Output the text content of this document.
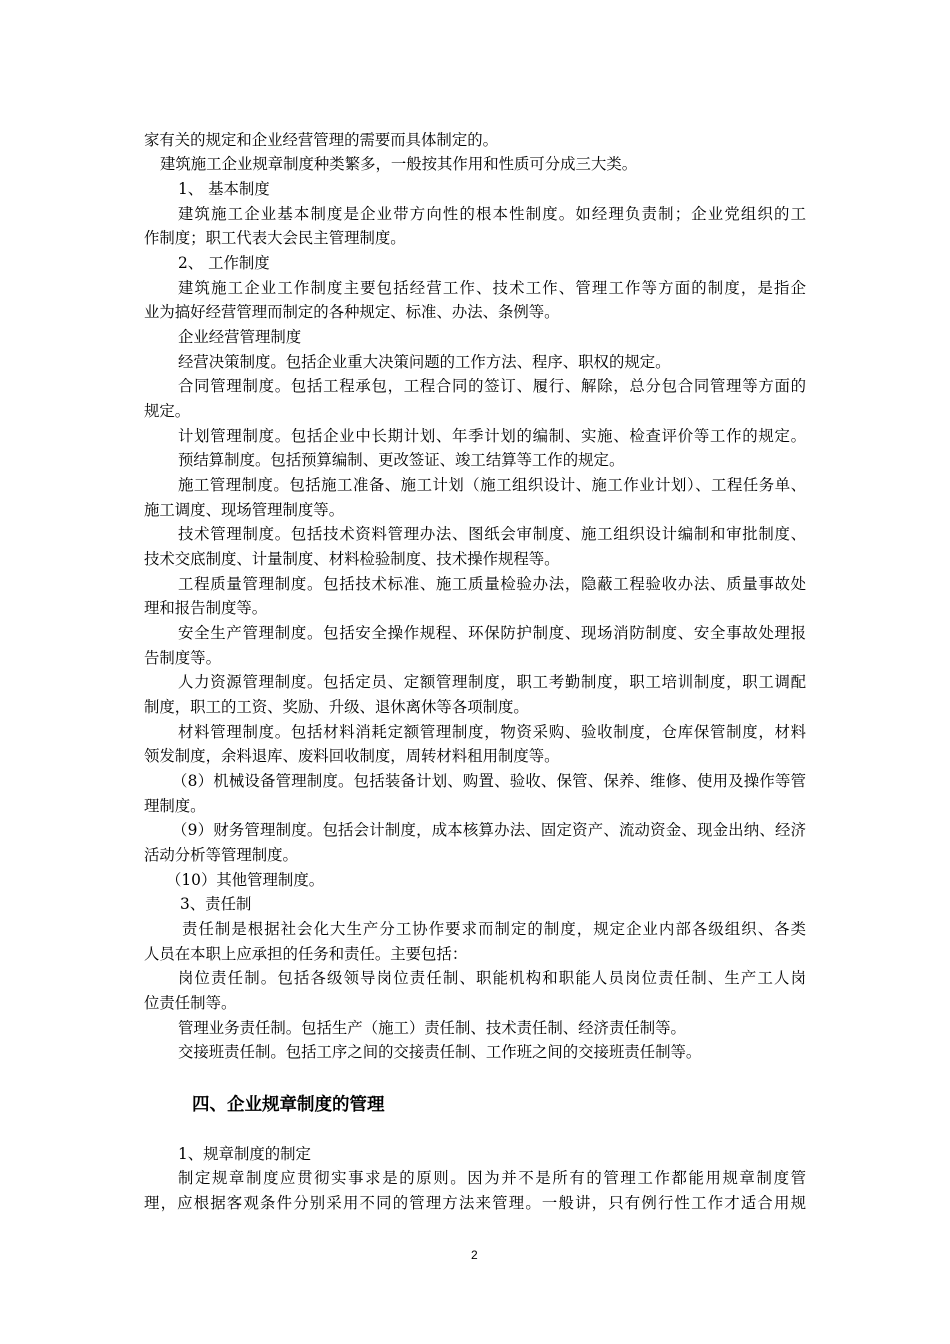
家有关的规定和企业经营管理的需要而具体制定的。
建筑施工企业规章制度种类繁多，一般按其作用和性质可分成三大类。
1、 基本制度
建筑施工企业基本制度是企业带方向性的根本性制度。如经理负责制；企业党组织的工
作制度；职工代表大会民主管理制度。
2、 工作制度
建筑施工企业工作制度主要包括经营工作、技术工作、管理工作等方面的制度，是指企
业为搞好经营管理而制定的各种规定、标准、办法、条例等。
企业经营管理制度
经营决策制度。包括企业重大决策问题的工作方法、程序、职权的规定。
合同管理制度。包括工程承包，工程合同的签订、履行、解除，总分包合同管理等方面的
规定。
计划管理制度。包括企业中长期计划、年季计划的编制、实施、检查评价等工作的规定。
预结算制度。包括预算编制、更改签证、竣工结算等工作的规定。
施工管理制度。包括施工准备、施工计划（施工组织设计、施工作业计划）、工程任务单、
施工调度、现场管理制度等。
技术管理制度。包括技术资料管理办法、图纸会审制度、施工组织设计编制和审批制度、
技术交底制度、计量制度、材料检验制度、技术操作规程等。
工程质量管理制度。包括技术标准、施工质量检验办法，隐蔽工程验收办法、质量事故处
理和报告制度等。
安全生产管理制度。包括安全操作规程、环保防护制度、现场消防制度、安全事故处理报
告制度等。
人力资源管理制度。包括定员、定额管理制度，职工考勤制度，职工培训制度，职工调配
制度，职工的工资、奖励、升级、退休离休等各项制度。
材料管理制度。包括材料消耗定额管理制度，物资采购、验收制度，仓库保管制度，材料
领发制度，余料退库、废料回收制度，周转材料租用制度等。
（8）机械设备管理制度。包括装备计划、购置、验收、保管、保养、维修、使用及操作等管
理制度。
（9）财务管理制度。包括会计制度，成本核算办法、固定资产、流动资金、现金出纳、经济
活动分析等管理制度。
（10）其他管理制度。
3、责任制
责任制是根据社会化大生产分工协作要求而制定的制度，规定企业内部各级组织、各类
人员在本职上应承担的任务和责任。主要包括：
岗位责任制。包括各级领导岗位责任制、职能机构和职能人员岗位责任制、生产工人岗
位责任制等。
管理业务责任制。包括生产（施工）责任制、技术责任制、经济责任制等。
交接班责任制。包括工序之间的交接责任制、工作班之间的交接班责任制等。
四、企业规章制度的管理
1、规章制度的制定
制定规章制度应贯彻实事求是的原则。因为并不是所有的管理工作都能用规章制度管
理，应根据客观条件分别采用不同的管理方法来管理。一般讲，只有例行性工作才适合用规
2
